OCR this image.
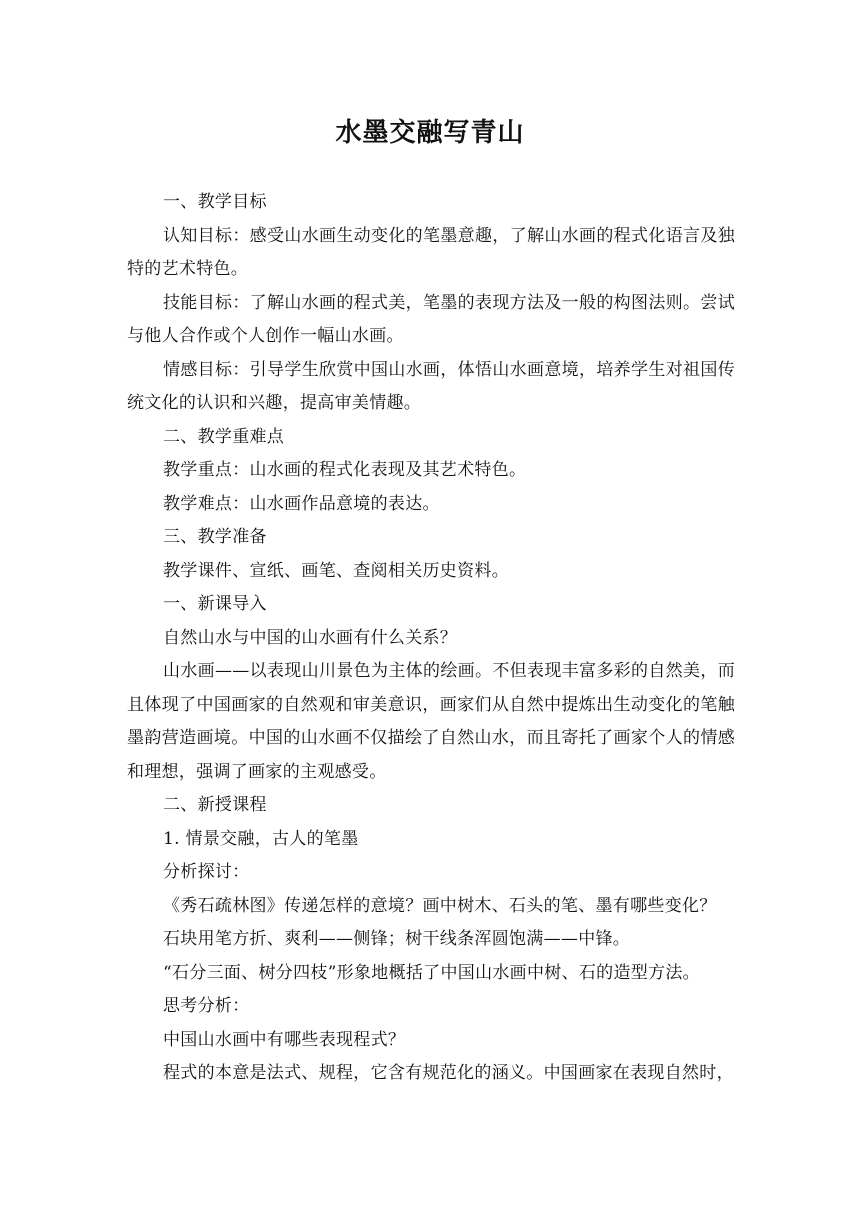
水墨交融写青山

一、教学目标

认知目标：感受山水画生动变化的笔墨意趣，了解山水画的程式化语言及独特的艺术特色。

技能目标：了解山水画的程式美，笔墨的表现方法及一般的构图法则。尝试与他人合作或个人创作一幅山水画。

情感目标：引导学生欣赏中国山水画，体悟山水画意境，培养学生对祖国传统文化的认识和兴趣，提高审美情趣。

二、教学重难点

教学重点：山水画的程式化表现及其艺术特色。

教学难点：山水画作品意境的表达。

三、教学准备

教学课件、宣纸、画笔、查阅相关历史资料。

一、新课导入

自然山水与中国的山水画有什么关系？

山水画——以表现山川景色为主体的绘画。不但表现丰富多彩的自然美，而且体现了中国画家的自然观和审美意识，画家们从自然中提炼出生动变化的笔触墨韵营造画境。中国的山水画不仅描绘了自然山水，而且寄托了画家个人的情感和理想，强调了画家的主观感受。

二、新授课程

1. 情景交融，古人的笔墨

分析探讨：

《秀石疏林图》传递怎样的意境？画中树木、石头的笔、墨有哪些变化？

石块用笔方折、爽利——侧锋；树干线条浑圆饱满——中锋。

“石分三面、树分四枝”形象地概括了中国山水画中树、石的造型方法。

思考分析：

中国山水画中有哪些表现程式？

程式的本意是法式、规程，它含有规范化的涵义。中国画家在表现自然时，
